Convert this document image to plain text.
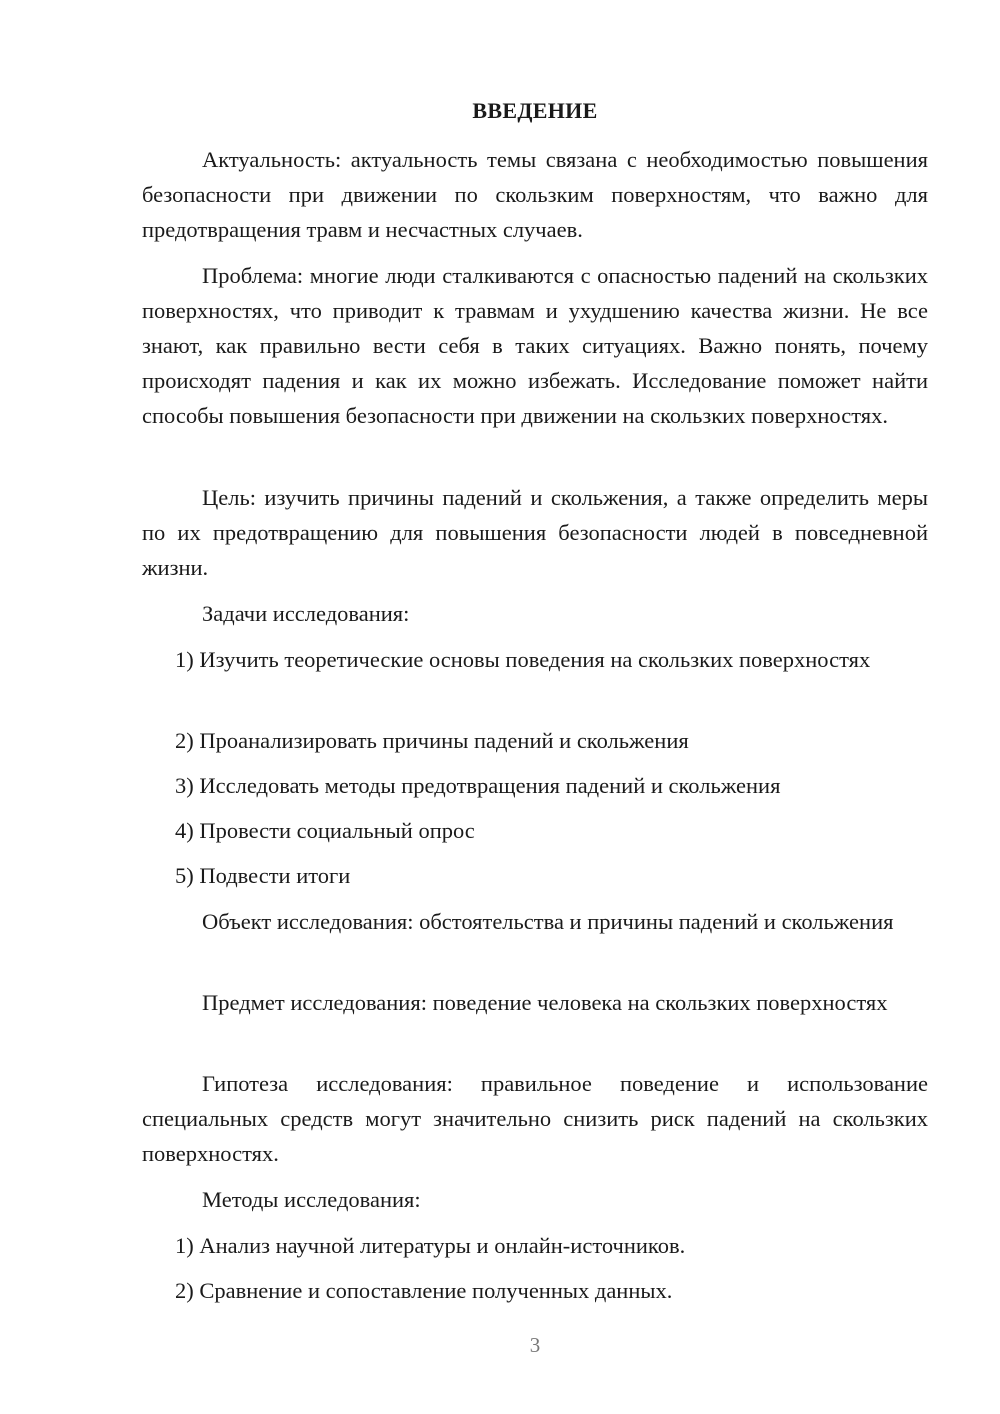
ВВЕДЕНИЕ

Актуальность: актуальность темы связана с необходимостью повышения безопасности при движении по скользким поверхностям, что важно для предотвращения травм и несчастных случаев.

Проблема: многие люди сталкиваются с опасностью падений на скользких поверхностях, что приводит к травмам и ухудшению качества жизни. Не все знают, как правильно вести себя в таких ситуациях. Важно понять, почему происходят падения и как их можно избежать. Исследование поможет найти способы повышения безопасности при движении на скользких поверхностях.

Цель: изучить причины падений и скольжения, а также определить меры по их предотвращению для повышения безопасности людей в повседневной жизни.

Задачи исследования:

1) Изучить теоретические основы поведения на скользких поверхностях

2) Проанализировать причины падений и скольжения

3) Исследовать методы предотвращения падений и скольжения

4) Провести социальный опрос

5) Подвести итоги

Объект исследования: обстоятельства и причины падений и скольжения

Предмет исследования: поведение человека на скользких поверхностях

Гипотеза исследования: правильное поведение и использование специальных средств могут значительно снизить риск падений на скользких поверхностях.

Методы исследования:

1) Анализ научной литературы и онлайн-источников.

2) Сравнение и сопоставление полученных данных.

3
